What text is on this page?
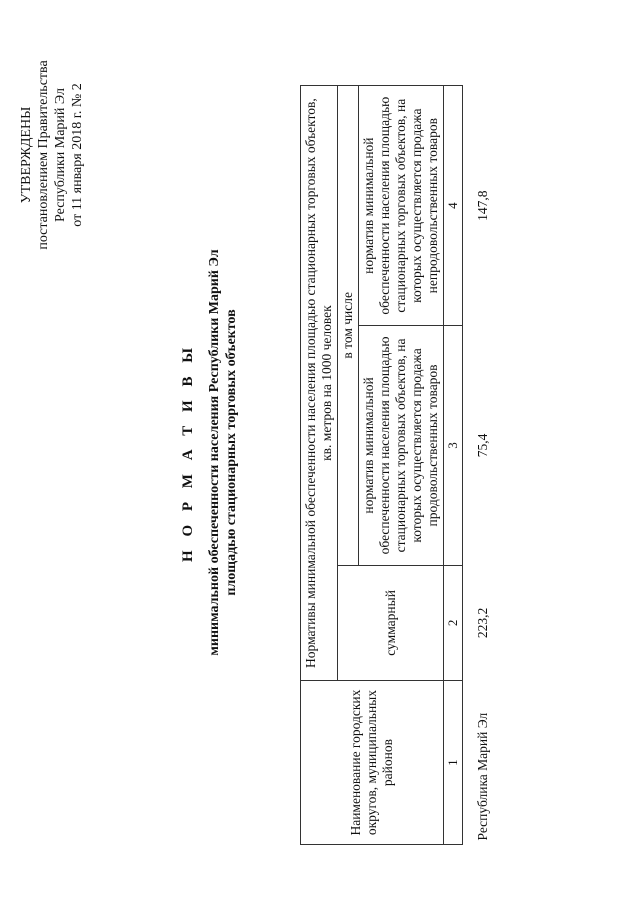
УТВЕРЖДЕНЫ постановлением Правительства Республики Марий Эл от 11 января 2018 г. № 2
Н О Р М А Т И В Ы минимальной обеспеченности населения Республики Марий Эл площадью стационарных торговых объектов
Наименование городских округов, муниципальных районов	Нормативы минимальной обеспеченности населения площадью стационарных торговых объектов, кв. метров на 1000 человек		
	суммарный	в том числе	
		норматив минимальной обеспеченности населения площадью стационарных торговых объектов, на которых осуществляется продажа продовольственных товаров	норматив минимальной обеспеченности населения площадью стационарных торговых объектов, на которых осуществляется продажа непродовольственных товаров
1	2	3	4
Республика Марий Эл	223,2	75,4	147,8
